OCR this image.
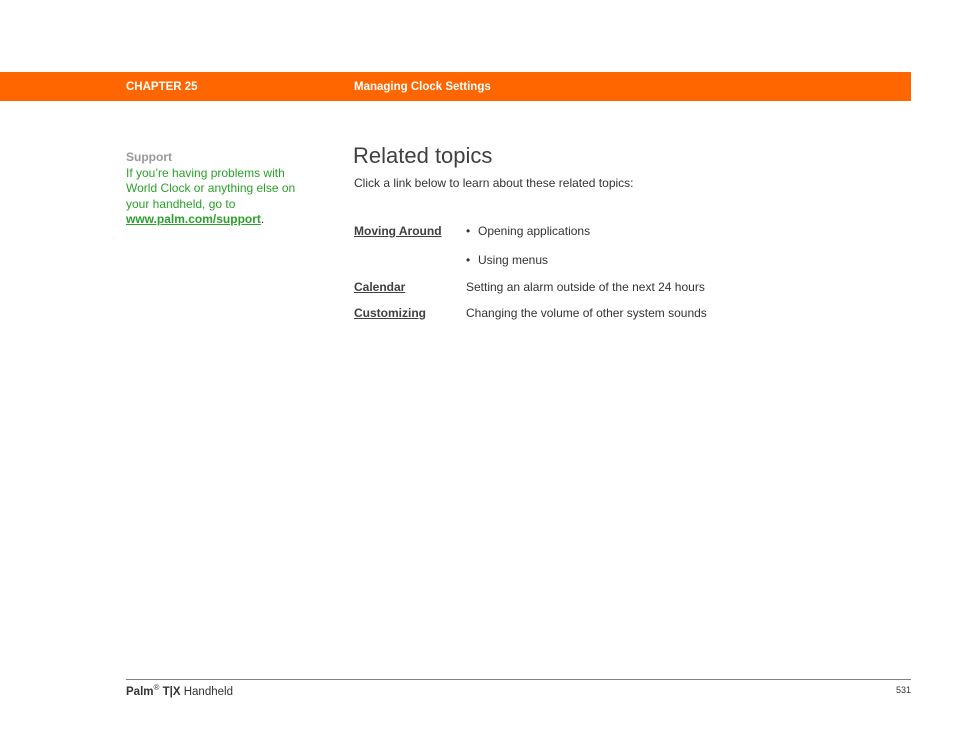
CHAPTER 25	Managing Clock Settings
Support
If you’re having problems with World Clock or anything else on your handheld, go to www.palm.com/support.
Related topics
Click a link below to learn about these related topics:
Moving Around • Opening applications
• Using menus
Calendar	Setting an alarm outside of the next 24 hours
Customizing	Changing the volume of other system sounds
Palm® T|X Handheld	531
